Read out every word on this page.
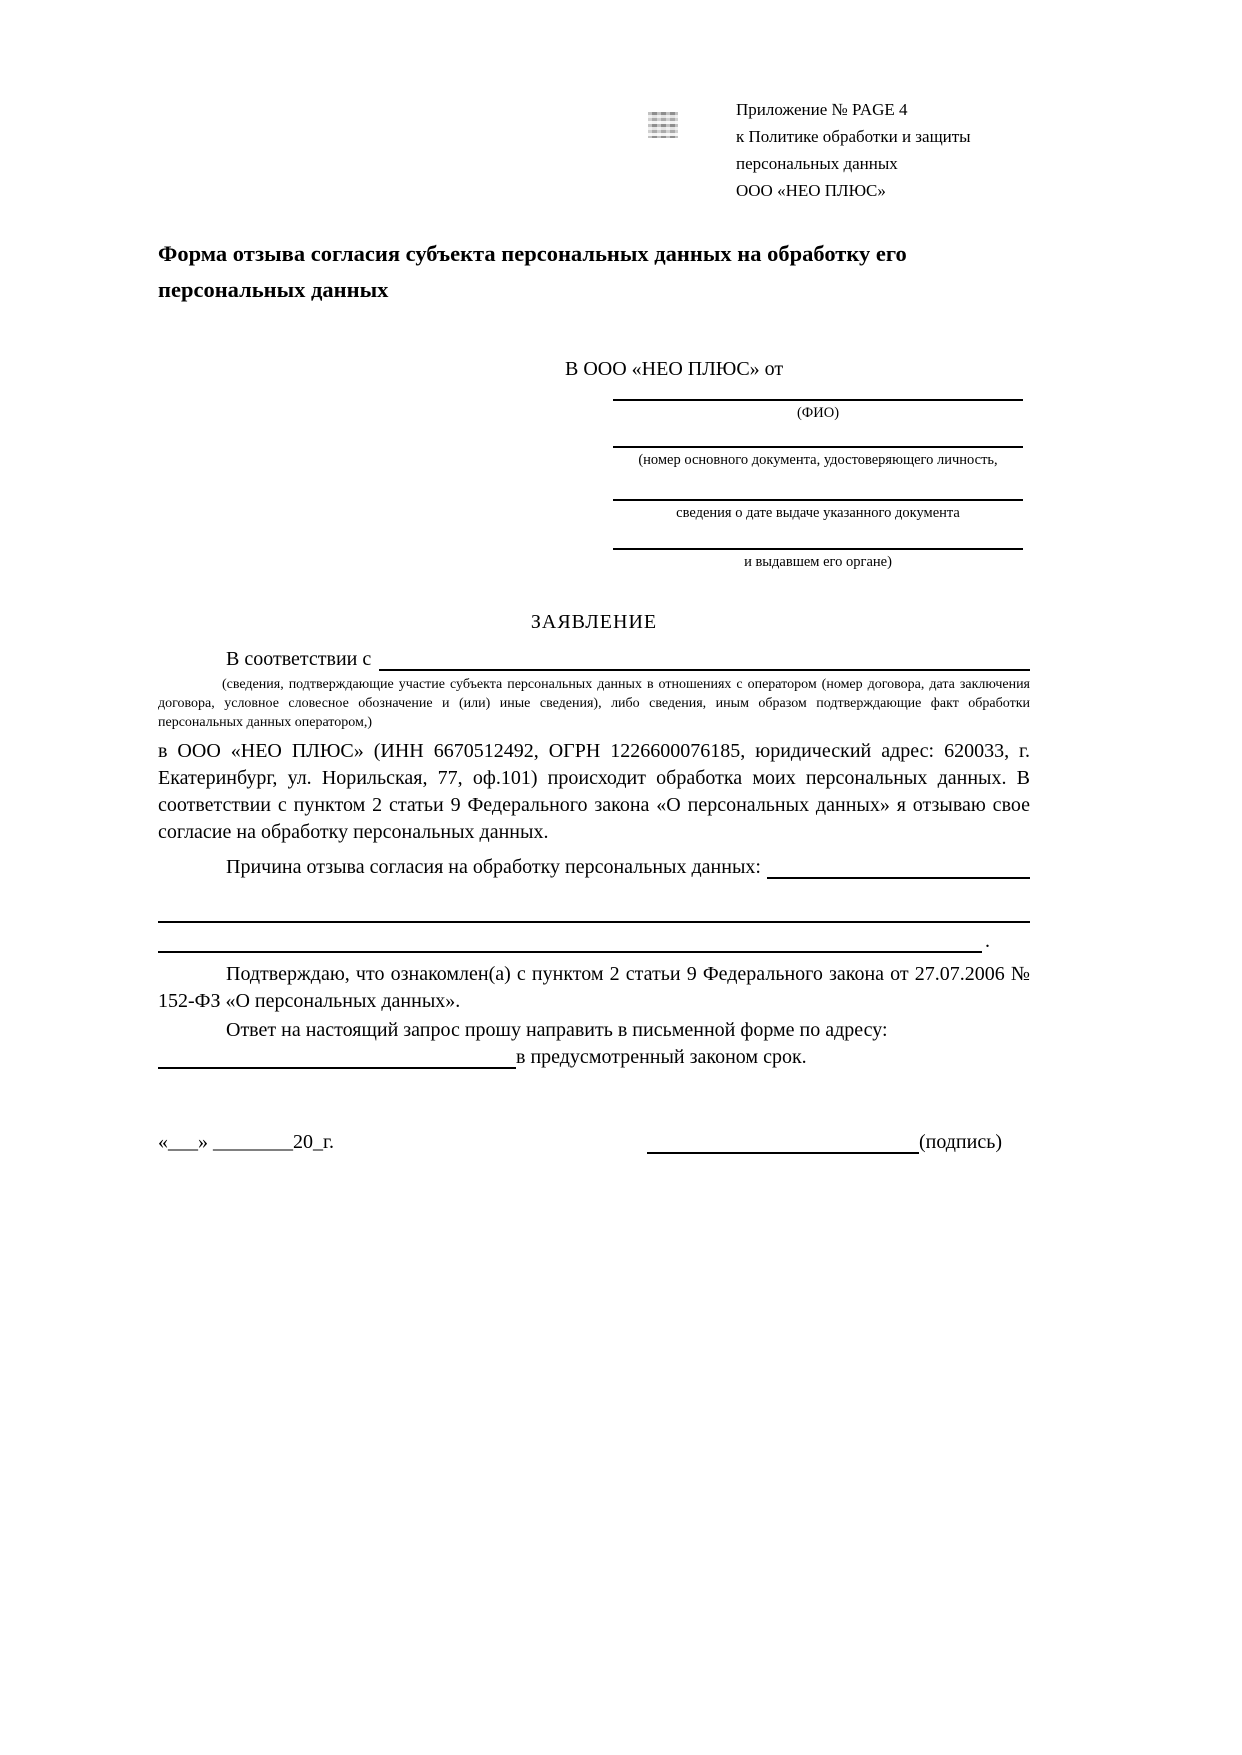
Приложение № PAGE 4
к Политике обработки и защиты
персональных данных
ООО «НЕО ПЛЮС»
Форма отзыва согласия субъекта персональных данных на обработку его персональных данных
В ООО «НЕО ПЛЮС» от
(ФИО)
(номер основного документа, удостоверяющего личность,
сведения о дате выдаче указанного документа
и выдавшем его органе)
ЗАЯВЛЕНИЕ
В соответствии с

(сведения, подтверждающие участие субъекта персональных данных в отношениях с оператором (номер договора, дата заключения договора, условное словесное обозначение и (или) иные сведения), либо сведения, иным образом подтверждающие факт обработки персональных данных оператором,)

в ООО «НЕО ПЛЮС» (ИНН 6670512492, ОГРН 1226600076185, юридический адрес: 620033, г. Екатеринбург, ул. Норильская, 77, оф.101) происходит обработка моих персональных данных. В соответствии с пунктом 2 статьи 9 Федерального закона «О персональных данных» я отзываю свое согласие на обработку персональных данных.

Причина отзыва согласия на обработку персональных данных:
.

Подтверждаю, что ознакомлен(а) с пунктом 2 статьи 9 Федерального закона от 27.07.2006 № 152-ФЗ «О персональных данных».

Ответ на настоящий запрос прошу направить в письменной форме по адресу:
в предусмотренный законом срок.
«___» ________20_г.	(подпись)
